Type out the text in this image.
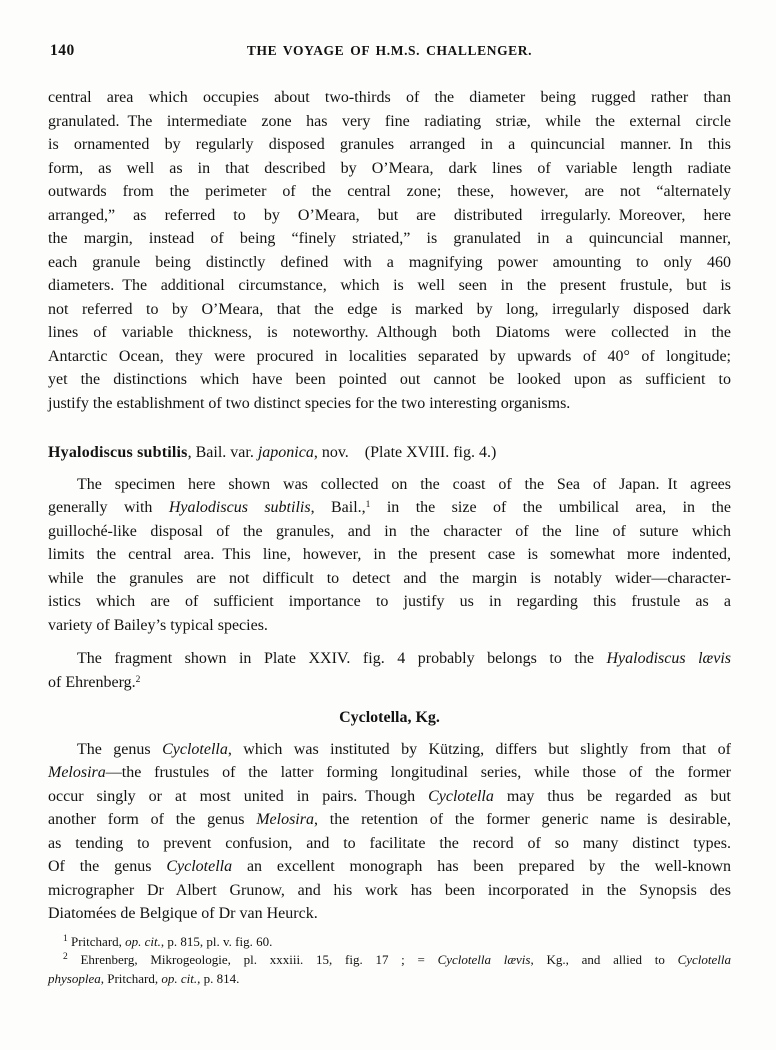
140	THE VOYAGE OF H.M.S. CHALLENGER.
central area which occupies about two-thirds of the diameter being rugged rather than
granulated. The intermediate zone has very fine radiating striæ, while the external circle
is ornamented by regularly disposed granules arranged in a quincuncial manner. In this
form, as well as in that described by O’Meara, dark lines of variable length radiate
outwards from the perimeter of the central zone; these, however, are not “alternately
arranged,” as referred to by O’Meara, but are distributed irregularly. Moreover, here
the margin, instead of being “finely striated,” is granulated in a quincuncial manner,
each granule being distinctly defined with a magnifying power amounting to only 460
diameters. The additional circumstance, which is well seen in the present frustule, but is
not referred to by O’Meara, that the edge is marked by long, irregularly disposed dark
lines of variable thickness, is noteworthy. Although both Diatoms were collected in the
Antarctic Ocean, they were procured in localities separated by upwards of 40° of longitude;
yet the distinctions which have been pointed out cannot be looked upon as sufficient to
justify the establishment of two distinct species for the two interesting organisms.
Hyalodiscus subtilis, Bail. var. japonica, nov. (Plate XVIII. fig. 4.)
The specimen here shown was collected on the coast of the Sea of Japan. It agrees
generally with Hyalodiscus subtilis, Bail.,$^1$ in the size of the umbilical area, in the
guilloché-like disposal of the granules, and in the character of the line of suture which
limits the central area. This line, however, in the present case is somewhat more indented,
while the granules are not difficult to detect and the margin is notably wider—character-
istics which are of sufficient importance to justify us in regarding this frustule as a
variety of Bailey’s typical species.
The fragment shown in Plate XXIV. fig. 4 probably belongs to the Hyalodiscus lævis
of Ehrenberg.$^2$
Cyclotella, Kg.
The genus Cyclotella, which was instituted by Kützing, differs but slightly from that of
Melosira—the frustules of the latter forming longitudinal series, while those of the former
occur singly or at most united in pairs. Though Cyclotella may thus be regarded as but
another form of the genus Melosira, the retention of the former generic name is desirable,
as tending to prevent confusion, and to facilitate the record of so many distinct types.
Of the genus Cyclotella an excellent monograph has been prepared by the well-known
micrographer Dr Albert Grunow, and his work has been incorporated in the Synopsis des
Diatomées de Belgique of Dr van Heurck.
$^1$ Pritchard, op. cit., p. 815, pl. v. fig. 60.
$^2$ Ehrenberg, Mikrogeologie, pl. xxxiii. 15, fig. 17 ; = Cyclotella lævis, Kg., and allied to Cyclotella
physoplea, Pritchard, op. cit., p. 814.
